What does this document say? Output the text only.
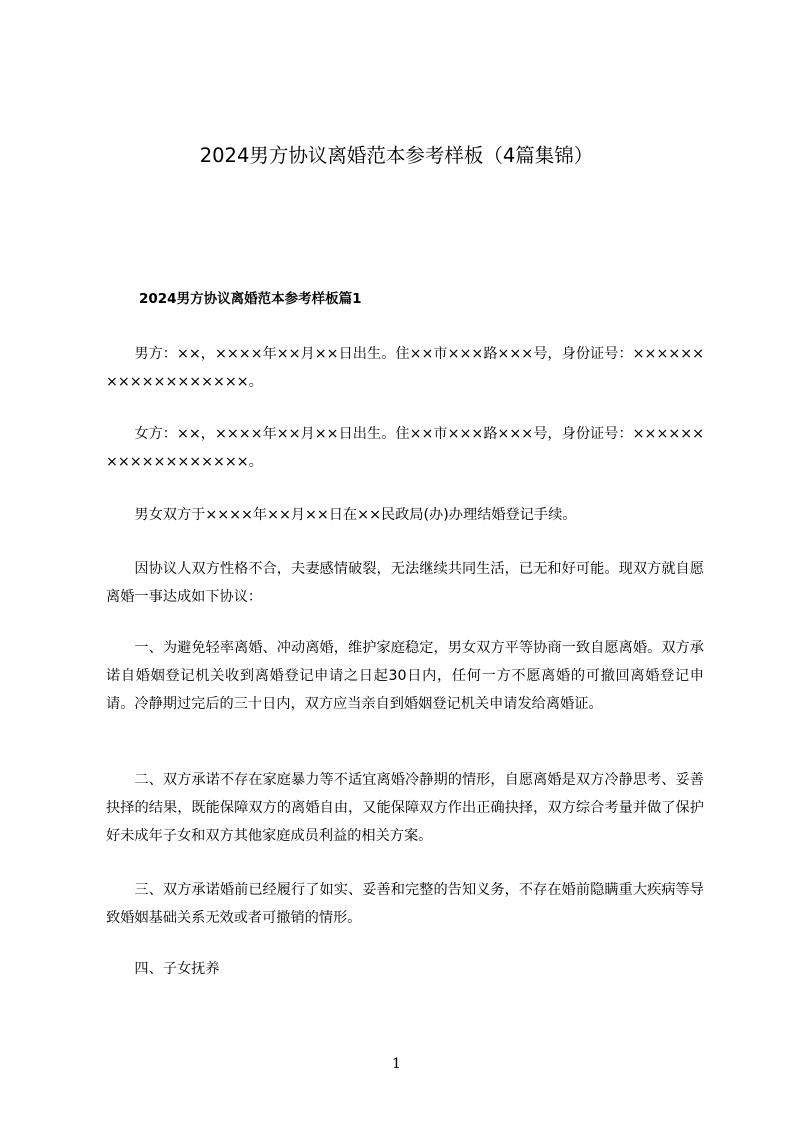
2024男方协议离婚范本参考样板（4篇集锦）
2024男方协议离婚范本参考样板篇1

男方：××，××××年××月××日出生。住××市×××路×××号，身份证号：××××××××××××××××××。

女方：××，××××年××月××日出生。住××市×××路×××号，身份证号：××××××××××××××××××。

男女双方于××××年××月××日在××民政局(办)办理结婚登记手续。

因协议人双方性格不合，夫妻感情破裂，无法继续共同生活，已无和好可能。现双方就自愿离婚一事达成如下协议：

一、为避免轻率离婚、冲动离婚，维护家庭稳定，男女双方平等协商一致自愿离婚。双方承诺自婚姻登记机关收到离婚登记申请之日起30日内，任何一方不愿离婚的可撤回离婚登记申请。冷静期过完后的三十日内，双方应当亲自到婚姻登记机关申请发给离婚证。

二、双方承诺不存在家庭暴力等不适宜离婚冷静期的情形，自愿离婚是双方冷静思考、妥善抉择的结果，既能保障双方的离婚自由，又能保障双方作出正确抉择，双方综合考量并做了保护好未成年子女和双方其他家庭成员利益的相关方案。

三、双方承诺婚前已经履行了如实、妥善和完整的告知义务，不存在婚前隐瞒重大疾病等导致婚姻基础关系无效或者可撤销的情形。

四、子女抚养

1
